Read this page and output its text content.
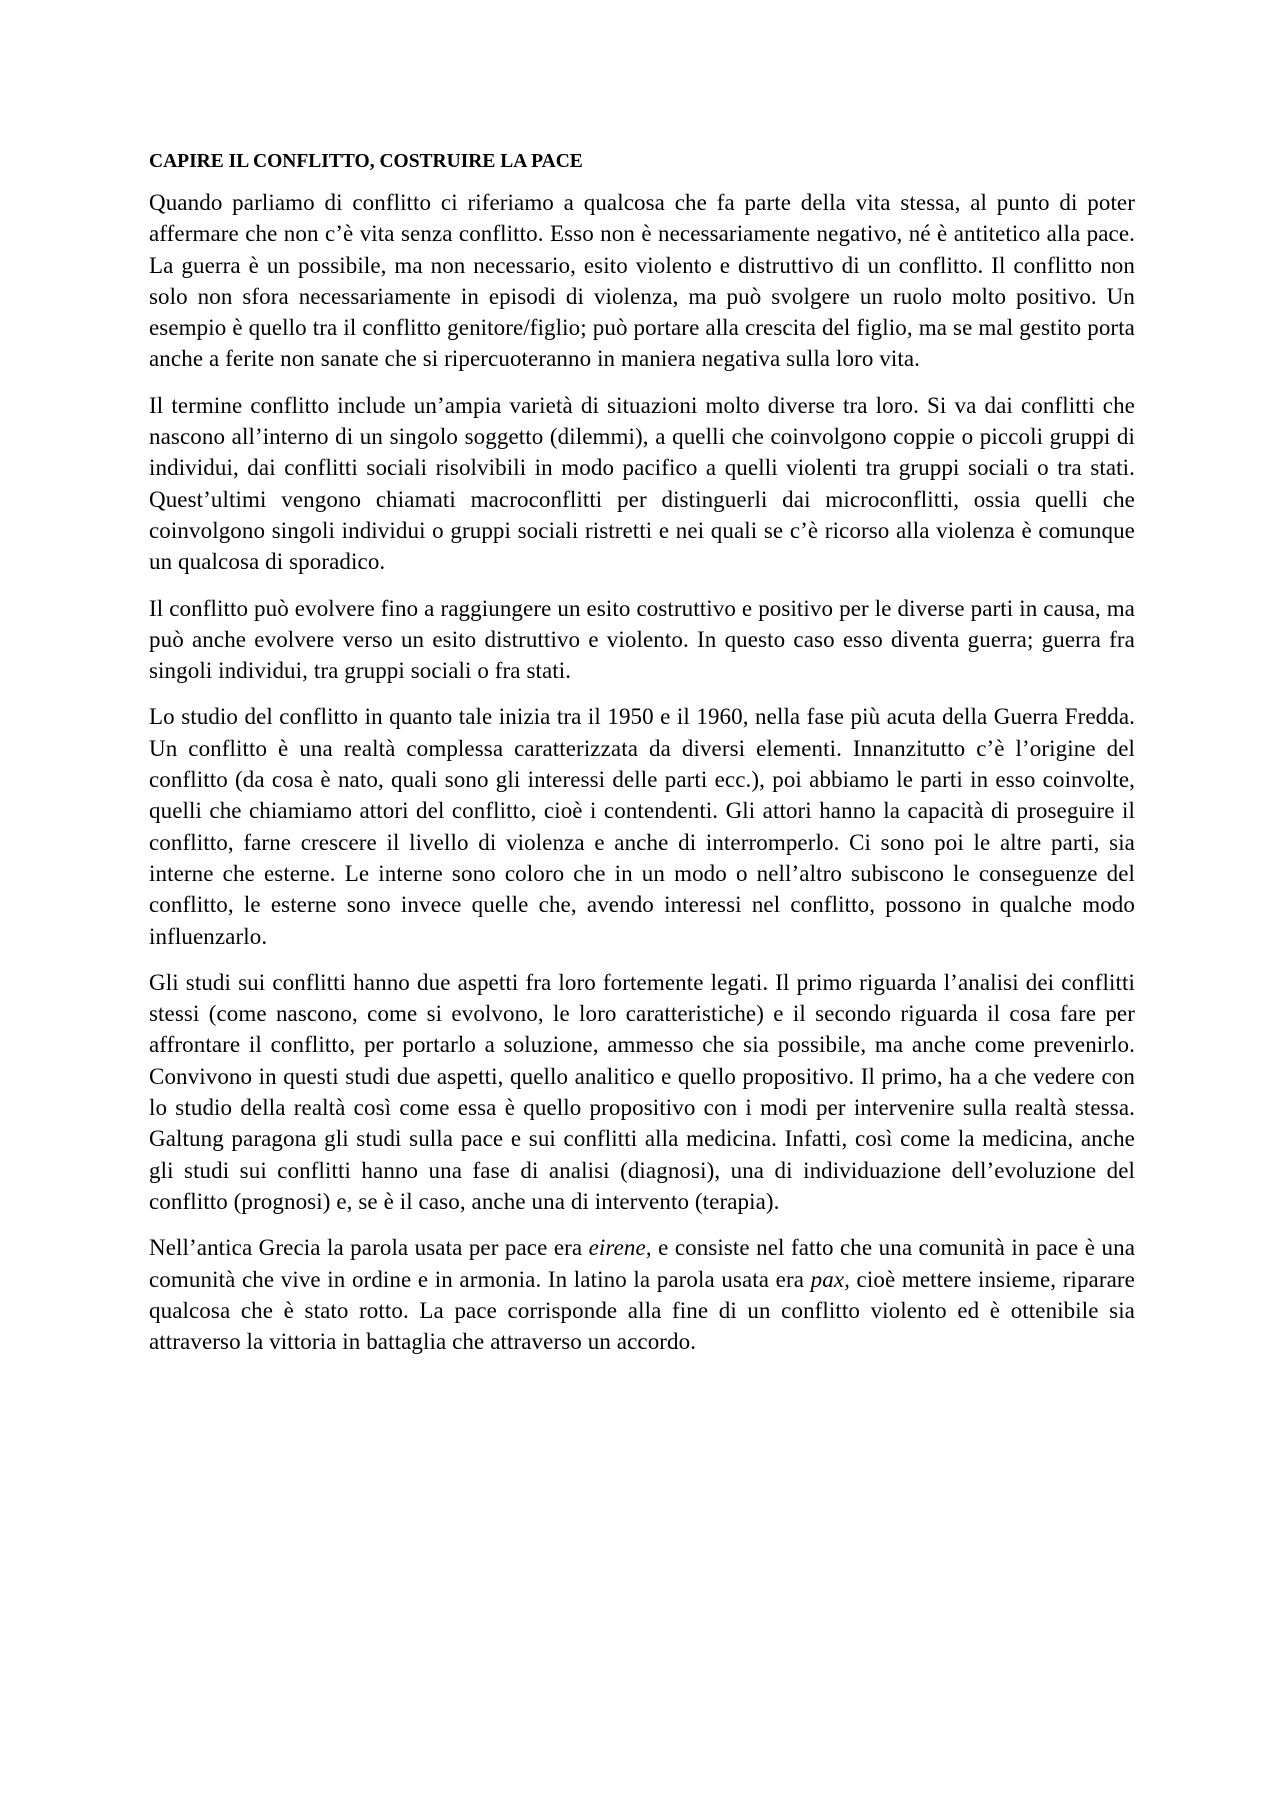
CAPIRE IL CONFLITTO, COSTRUIRE LA PACE

Quando parliamo di conflitto ci riferiamo a qualcosa che fa parte della vita stessa, al punto di poter affermare che non c’è vita senza conflitto. Esso non è necessariamente negativo, né è antitetico alla pace. La guerra è un possibile, ma non necessario, esito violento e distruttivo di un conflitto. Il conflitto non solo non sfora necessariamente in episodi di violenza, ma può svolgere un ruolo molto positivo. Un esempio è quello tra il conflitto genitore/figlio; può portare alla crescita del figlio, ma se mal gestito porta anche a ferite non sanate che si ripercuoteranno in maniera negativa sulla loro vita.

Il termine conflitto include un’ampia varietà di situazioni molto diverse tra loro. Si va dai conflitti che nascono all’interno di un singolo soggetto (dilemmi), a quelli che coinvolgono coppie o piccoli gruppi di individui, dai conflitti sociali risolvibili in modo pacifico a quelli violenti tra gruppi sociali o tra stati. Quest’ultimi vengono chiamati macroconflitti per distinguerli dai microconflitti, ossia quelli che coinvolgono singoli individui o gruppi sociali ristretti e nei quali se c’è ricorso alla violenza è comunque un qualcosa di sporadico.

Il conflitto può evolvere fino a raggiungere un esito costruttivo e positivo per le diverse parti in causa, ma può anche evolvere verso un esito distruttivo e violento. In questo caso esso diventa guerra; guerra fra singoli individui, tra gruppi sociali o fra stati.

Lo studio del conflitto in quanto tale inizia tra il 1950 e il 1960, nella fase più acuta della Guerra Fredda. Un conflitto è una realtà complessa caratterizzata da diversi elementi. Innanzitutto c’è l’origine del conflitto (da cosa è nato, quali sono gli interessi delle parti ecc.), poi abbiamo le parti in esso coinvolte, quelli che chiamiamo attori del conflitto, cioè i contendenti. Gli attori hanno la capacità di proseguire il conflitto, farne crescere il livello di violenza e anche di interromperlo. Ci sono poi le altre parti, sia interne che esterne. Le interne sono coloro che in un modo o nell’altro subiscono le conseguenze del conflitto, le esterne sono invece quelle che, avendo interessi nel conflitto, possono in qualche modo influenzarlo.

Gli studi sui conflitti hanno due aspetti fra loro fortemente legati. Il primo riguarda l’analisi dei conflitti stessi (come nascono, come si evolvono, le loro caratteristiche) e il secondo riguarda il cosa fare per affrontare il conflitto, per portarlo a soluzione, ammesso che sia possibile, ma anche come prevenirlo. Convivono in questi studi due aspetti, quello analitico e quello propositivo. Il primo, ha a che vedere con lo studio della realtà così come essa è quello propositivo con i modi per intervenire sulla realtà stessa. Galtung paragona gli studi sulla pace e sui conflitti alla medicina. Infatti, così come la medicina, anche gli studi sui conflitti hanno una fase di analisi (diagnosi), una di individuazione dell’evoluzione del conflitto (prognosi) e, se è il caso, anche una di intervento (terapia).

Nell’antica Grecia la parola usata per pace era eirene, e consiste nel fatto che una comunità in pace è una comunità che vive in ordine e in armonia. In latino la parola usata era pax, cioè mettere insieme, riparare qualcosa che è stato rotto. La pace corrisponde alla fine di un conflitto violento ed è ottenibile sia attraverso la vittoria in battaglia che attraverso un accordo.
